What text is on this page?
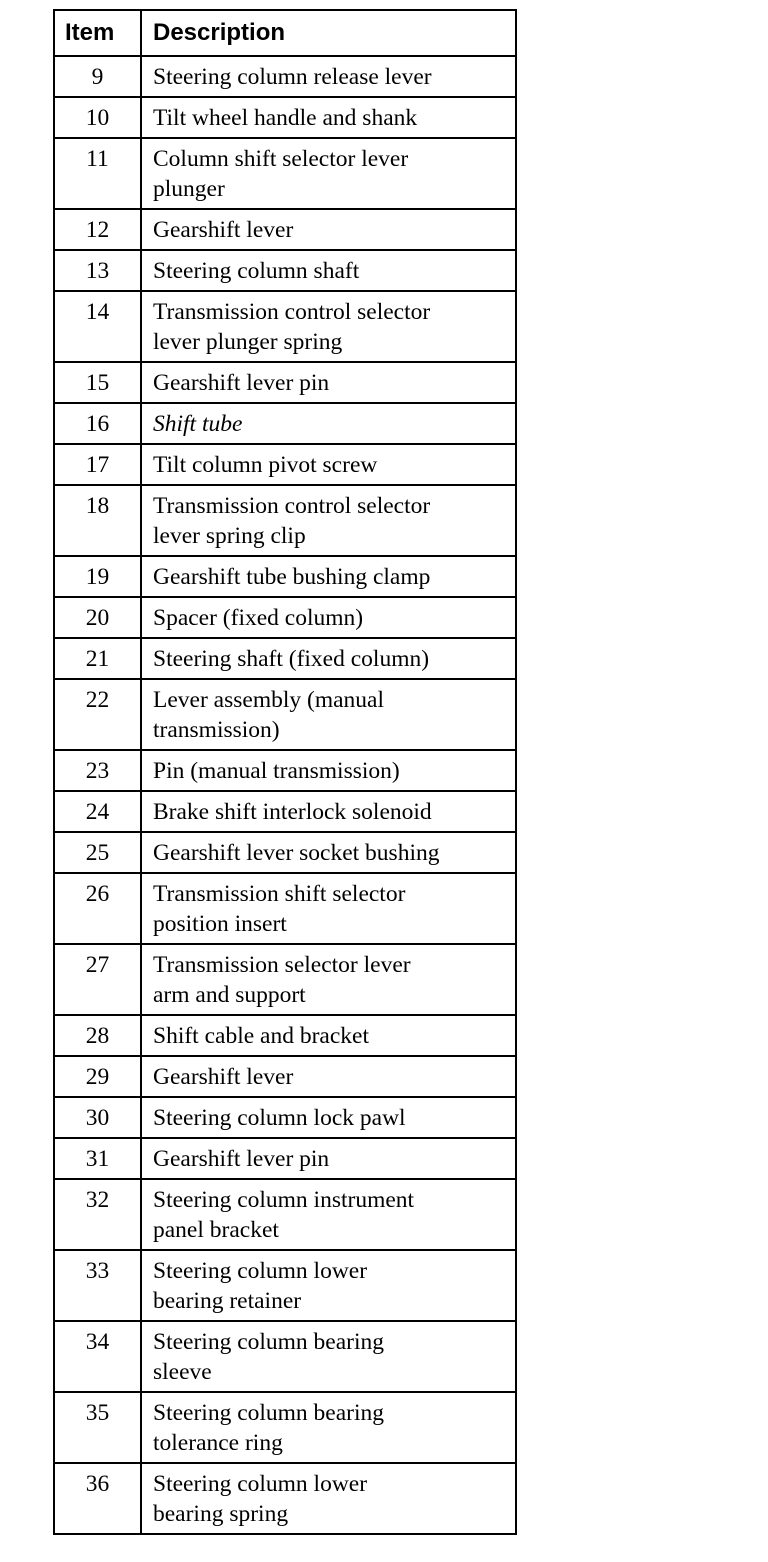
Item	Description
9	Steering column release lever

10	Tilt wheel handle and shank

11	Column shift selector lever
plunger

12	Gearshift lever

13	Steering column shaft

14	Transmission control selector
lever plunger spring

15	Gearshift lever pin

16	Shift tube

17	Tilt column pivot screw

18	Transmission control selector
lever spring clip

19	Gearshift tube bushing clamp

20	Spacer (fixed column)

21	Steering shaft (fixed column)

22	Lever assembly (manual
transmission)

23	Pin (manual transmission)

24	Brake shift interlock solenoid

25	Gearshift lever socket bushing

26	Transmission shift selector
position insert

27	Transmission selector lever
arm and support

28	Shift cable and bracket

29	Gearshift lever

30	Steering column lock pawl

31	Gearshift lever pin

32	Steering column instrument
panel bracket

33	Steering column lower
bearing retainer

34	Steering column bearing
sleeve

35	Steering column bearing
tolerance ring

36	Steering column lower
bearing spring
